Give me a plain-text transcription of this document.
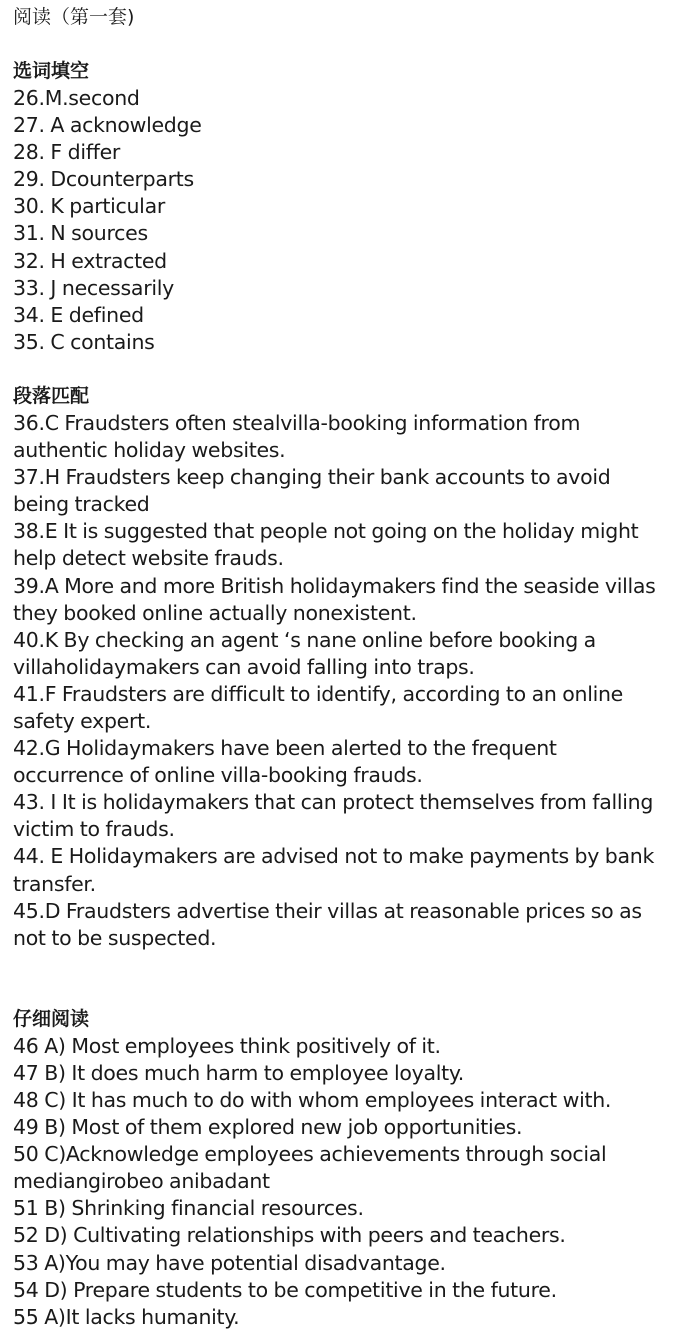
阅读（第一套)
选词填空
26.M.second
27. A acknowledge
28. F differ
29. Dcounterparts
30. K particular
31. N sources
32. H extracted
33. J necessarily
34. E defined
35. C contains
段落匹配
36.C Fraudsters often stealvilla-booking information from
authentic holiday websites.
37.H Fraudsters keep changing their bank accounts to avoid
being tracked
38.E It is suggested that people not going on the holiday might
help detect website frauds.
39.A More and more British holidaymakers find the seaside villas
they booked online actually nonexistent.
40.K By checking an agent ‘s nane online before booking a
villaholidaymakers can avoid falling into traps.
41.F Fraudsters are difficult to identify, according to an online
safety expert.
42.G Holidaymakers have been alerted to the frequent
occurrence of online villa-booking frauds.
43. I It is holidaymakers that can protect themselves from falling
victim to frauds.
44. E Holidaymakers are advised not to make payments by bank
transfer.
45.D Fraudsters advertise their villas at reasonable prices so as
not to be suspected.
仔细阅读
46 A) Most employees think positively of it.
47 B) It does much harm to employee loyalty.
48 C) It has much to do with whom employees interact with.
49 B) Most of them explored new job opportunities.
50 C)Acknowledge employees achievements through social
mediangirobeo anibadant
51 B) Shrinking financial resources.
52 D) Cultivating relationships with peers and teachers.
53 A)You may have potential disadvantage.
54 D) Prepare students to be competitive in the future.
55 A)It lacks humanity.
